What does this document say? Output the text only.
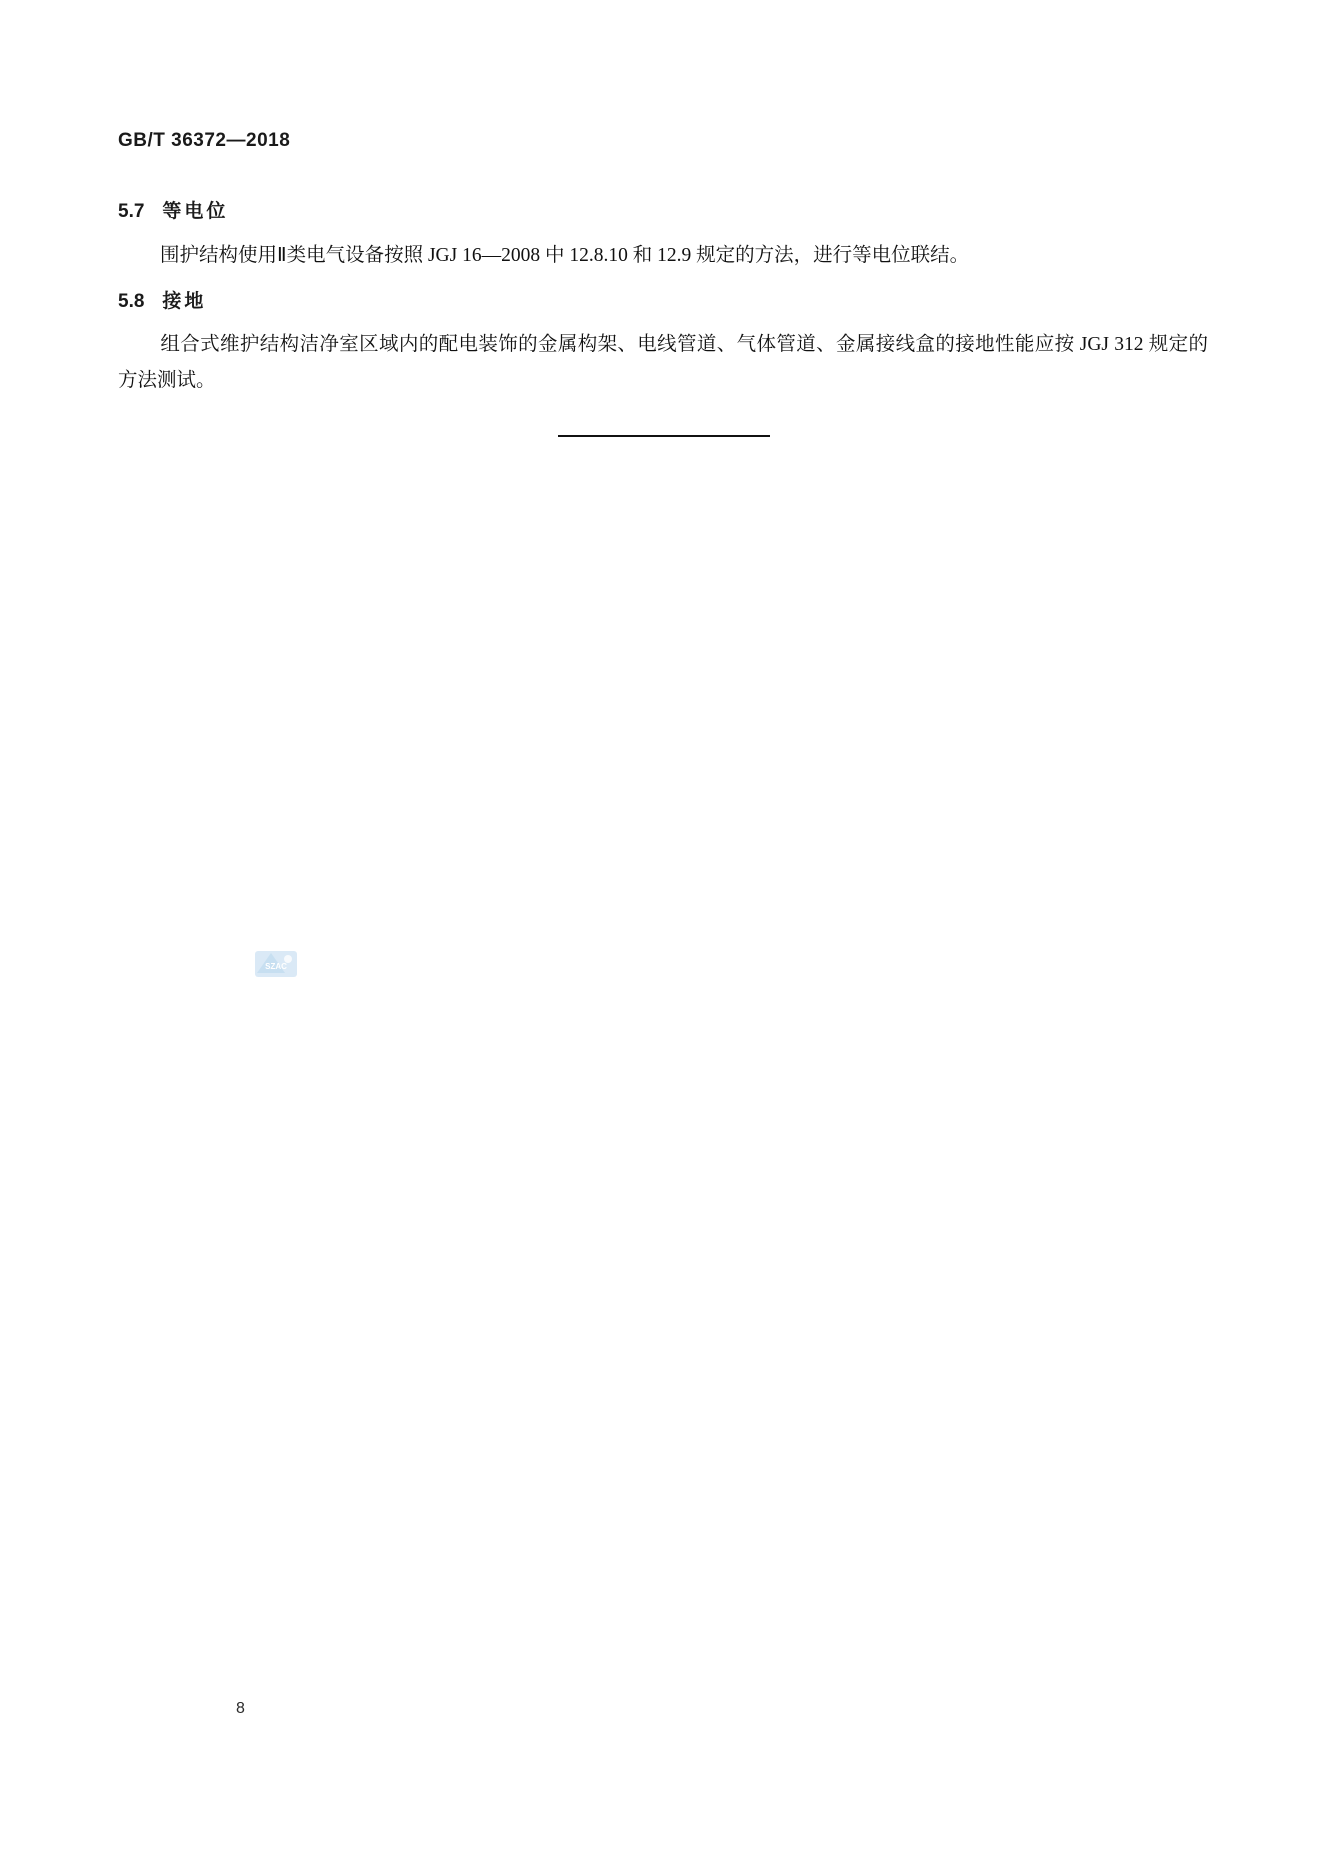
GB/T 36372—2018
5.7 等电位
围护结构使用Ⅱ类电气设备按照 JGJ 16—2008 中 12.8.10 和 12.9 规定的方法，进行等电位联结。
5.8 接地
组合式维护结构洁净室区域内的配电装饰的金属构架、电线管道、气体管道、金属接线盒的接地性能应按 JGJ 312 规定的方法测试。
8
SZAC
